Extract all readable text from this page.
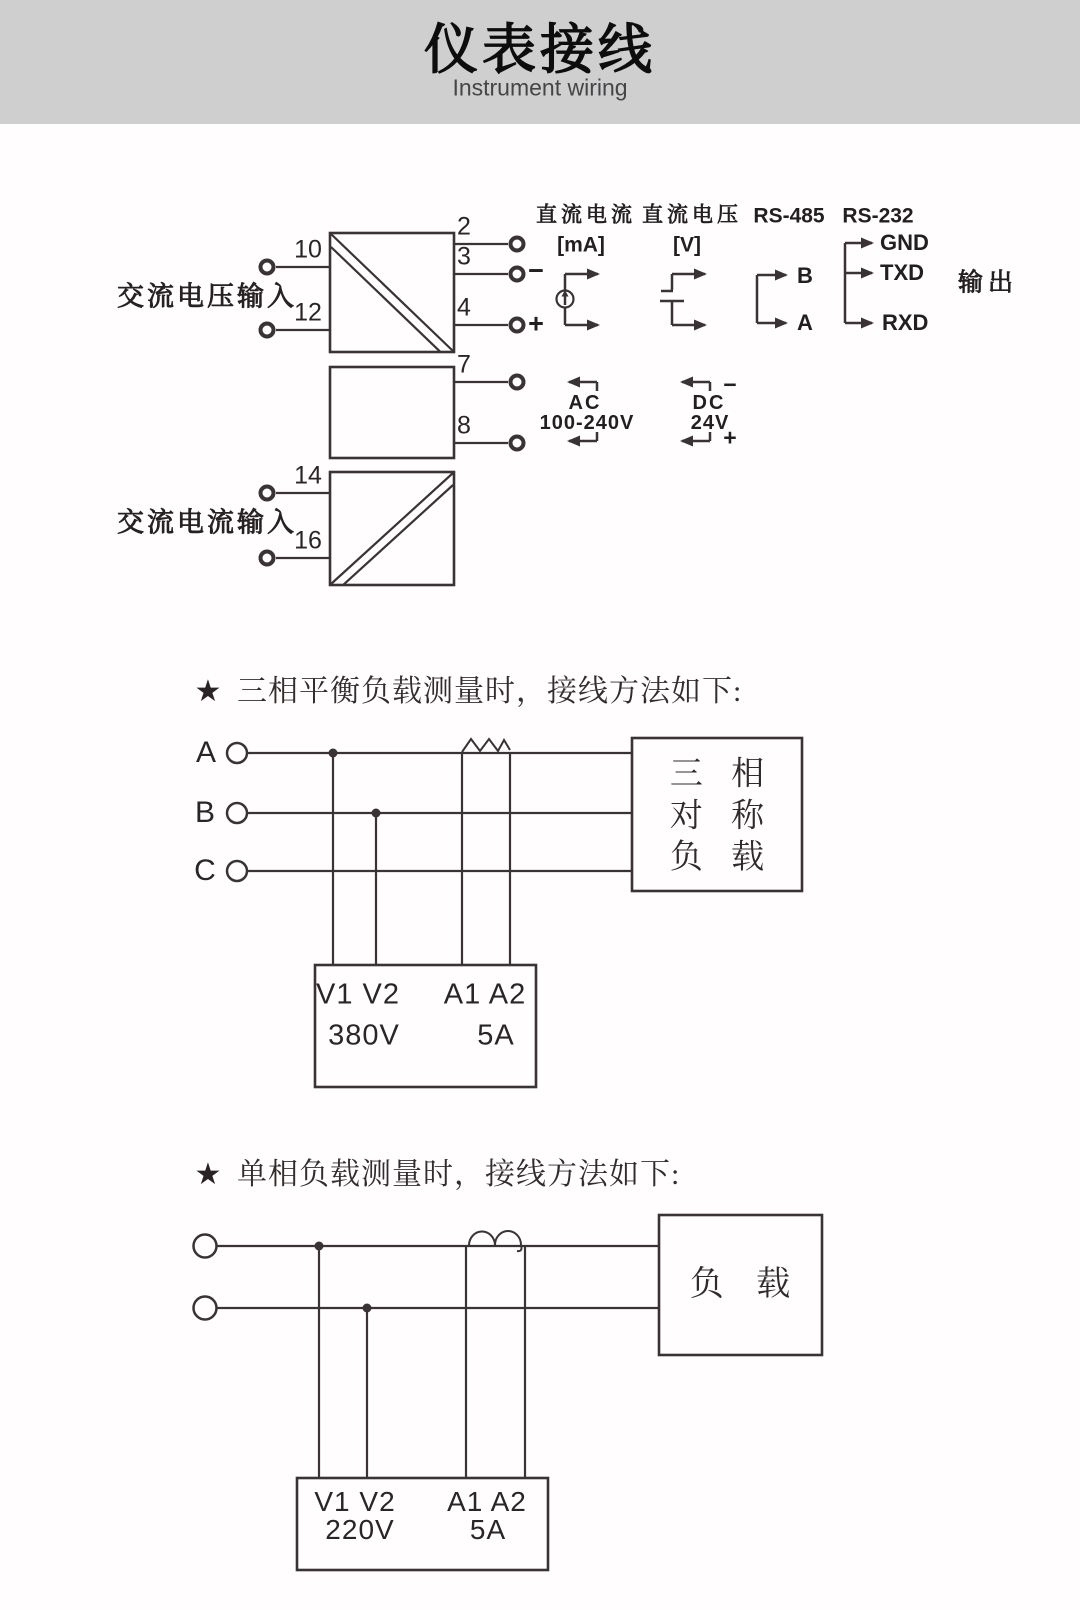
仪表接线
Instrument wiring
交流电压输入
交流电流输入
10
12
14
16
2
3
4
7
8
−
+
直流电流
[mA]
直流电压
[V]
RS-485 RS-232
B
A
GND
TXD
RXD
输出
AC
100-240V
DC
24V
−
+
★ 三相平衡负载测量时，接线方法如下:
A
B
C
三 相
对 称
负 载
V1 V2 A1 A2
380V	5A
★ 单相负载测量时，接线方法如下:
负 载
V1 V2 A1 A2
220V	5A
